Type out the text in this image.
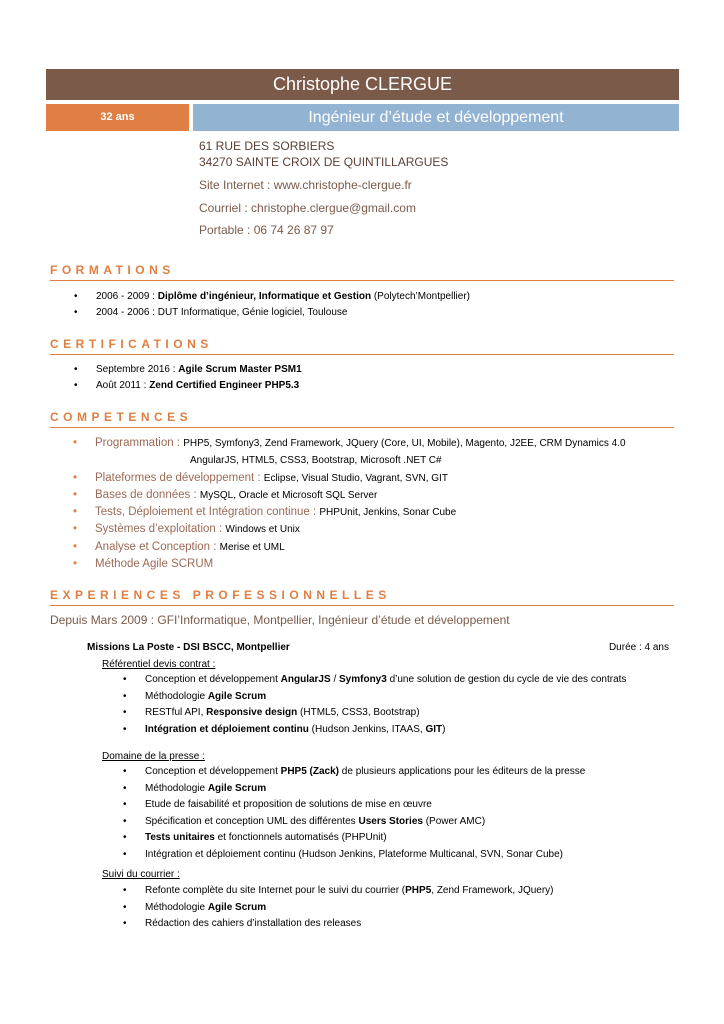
Christophe CLERGUE
32 ans	Ingénieur d’étude et développement
61 RUE DES SORBIERS
34270 SAINTE CROIX DE QUINTILLARGUES
Site Internet : www.christophe-clergue.fr
Courriel : christophe.clergue@gmail.com
Portable : 06 74 26 87 97
FORMATIONS
• 2006 - 2009 : Diplôme d’ingénieur, Informatique et Gestion (Polytech’Montpellier)
• 2004 - 2006 : DUT Informatique, Génie logiciel, Toulouse
CERTIFICATIONS
• Septembre 2016 : Agile Scrum Master PSM1
• Août 2011 : Zend Certified Engineer PHP5.3
COMPETENCES
• Programmation : PHP5, Symfony3, Zend Framework, JQuery (Core, UI, Mobile), Magento, J2EE, CRM Dynamics 4.0
AngularJS, HTML5, CSS3, Bootstrap, Microsoft .NET C#
• Plateformes de développement : Eclipse, Visual Studio, Vagrant, SVN, GIT
• Bases de données : MySQL, Oracle et Microsoft SQL Server
• Tests, Déploiement et Intégration continue : PHPUnit, Jenkins, Sonar Cube
• Systèmes d’exploitation : Windows et Unix
• Analyse et Conception : Merise et UML
• Méthode Agile SCRUM
EXPERIENCES PROFESSIONNELLES
Depuis Mars 2009 : GFI’Informatique, Montpellier, Ingénieur d’étude et développement
Missions La Poste - DSI BSCC, Montpellier	Durée : 4 ans
Référentiel devis contrat :
• Conception et développement AngularJS / Symfony3 d’une solution de gestion du cycle de vie des contrats
• Méthodologie Agile Scrum
• RESTful API, Responsive design (HTML5, CSS3, Bootstrap)
• Intégration et déploiement continu (Hudson Jenkins, ITAAS, GIT)
Domaine de la presse :
• Conception et développement PHP5 (Zack) de plusieurs applications pour les éditeurs de la presse
• Méthodologie Agile Scrum
• Etude de faisabilité et proposition de solutions de mise en œuvre
• Spécification et conception UML des différentes Users Stories (Power AMC)
• Tests unitaires et fonctionnels automatisés (PHPUnit)
• Intégration et déploiement continu (Hudson Jenkins, Plateforme Multicanal, SVN, Sonar Cube)
Suivi du courrier :
• Refonte complète du site Internet pour le suivi du courrier (PHP5, Zend Framework, JQuery)
• Méthodologie Agile Scrum
• Rédaction des cahiers d’installation des releases
